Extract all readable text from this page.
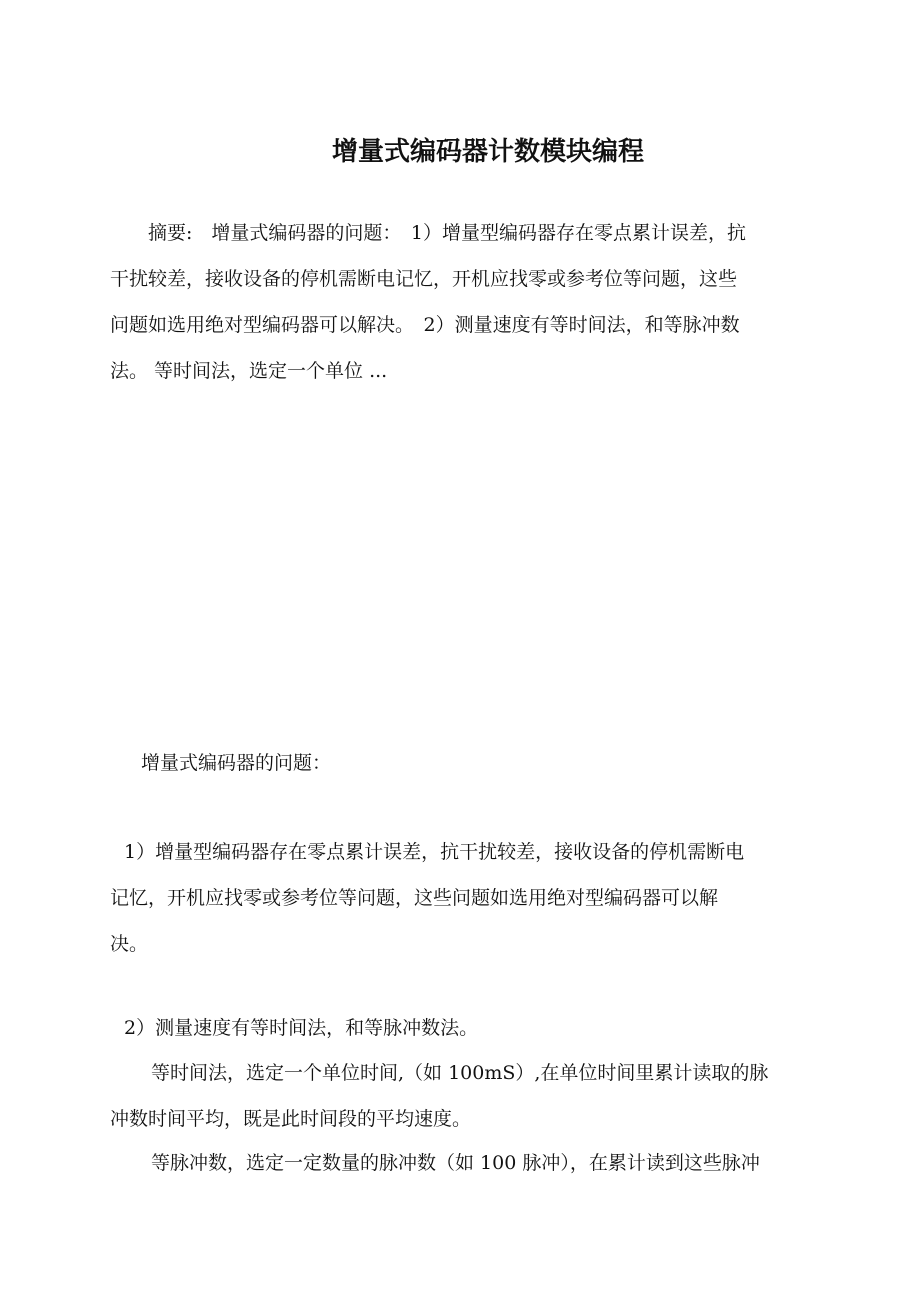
增量式编码器计数模块编程
　　摘要:　增量式编码器的问题：　1）增量型编码器存在零点累计误差，抗
干扰较差，接收设备的停机需断电记忆，开机应找零或参考位等问题，这些
问题如选用绝对型编码器可以解决。　2）测量速度有等时间法，和等脉冲数
法。 等时间法，选定一个单位 ...
　增量式编码器的问题：
1）增量型编码器存在零点累计误差，抗干扰较差，接收设备的停机需断电
记忆，开机应找零或参考位等问题，这些问题如选用绝对型编码器可以解
决。
2）测量速度有等时间法，和等脉冲数法。
　等时间法，选定一个单位时间,（如 100mS）,在单位时间里累计读取的脉
冲数时间平均，既是此时间段的平均速度。
　等脉冲数，选定一定数量的脉冲数（如 100 脉冲），在累计读到这些脉冲
